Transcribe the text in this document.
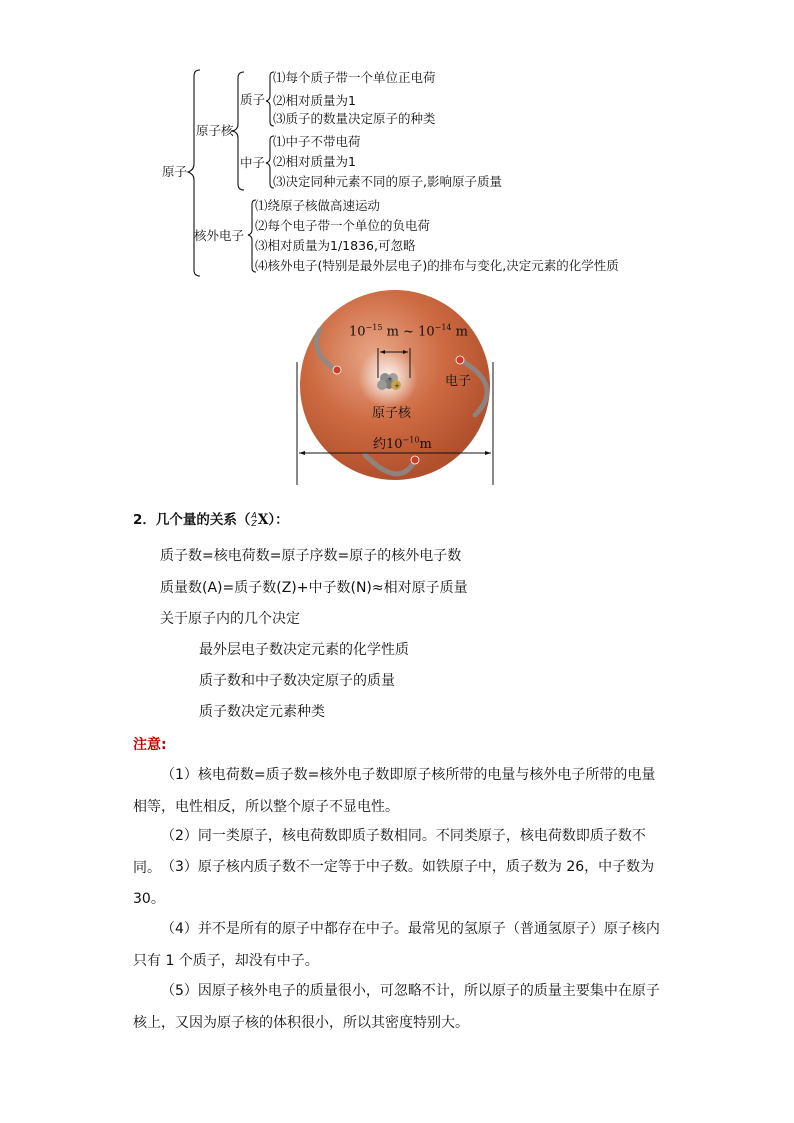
原子
原子核
质子
中子
核外电子
⑴每个质子带一个单位正电荷
⑵相对质量为1
⑶质子的数量决定原子的种类
⑴中子不带电荷
⑵相对质量为1
⑶决定同种元素不同的原子,影响原子质量
⑴绕原子核做高速运动
⑵每个电子带一个单位的负电荷
⑶相对质量为1/1836,可忽略
⑷核外电子(特别是最外层电子)的排布与变化,决定元素的化学性质
+
+
$10^{-15}$ m ~ $10^{-14}$ m
电子
原子核
约$10^{-10}m$
2．几个量的关系（A
ZX）：
质子数=核电荷数=原子序数=原子的核外电子数
质量数(A)=质子数(Z)+中子数(N)≈相对原子质量
关于原子内的几个决定
最外层电子数决定元素的化学性质
质子数和中子数决定原子的质量
质子数决定元素种类
注意:
（1）核电荷数=质子数=核外电子数即原子核所带的电量与核外电子所带的电量相等，电性相反，所以整个原子不显电性。
（2）同一类原子，核电荷数即质子数相同。不同类原子，核电荷数即质子数不同。 （3）原子核内质子数不一定等于中子数。如铁原子中，质子数为 26，中子数为 30。
（4）并不是所有的原子中都存在中子。最常见的氢原子（普通氢原子）原子核内只有 1 个质子，却没有中子。
（5）因原子核外电子的质量很小，可忽略不计，所以原子的质量主要集中在原子核上，又因为原子核的体积很小，所以其密度特别大。
